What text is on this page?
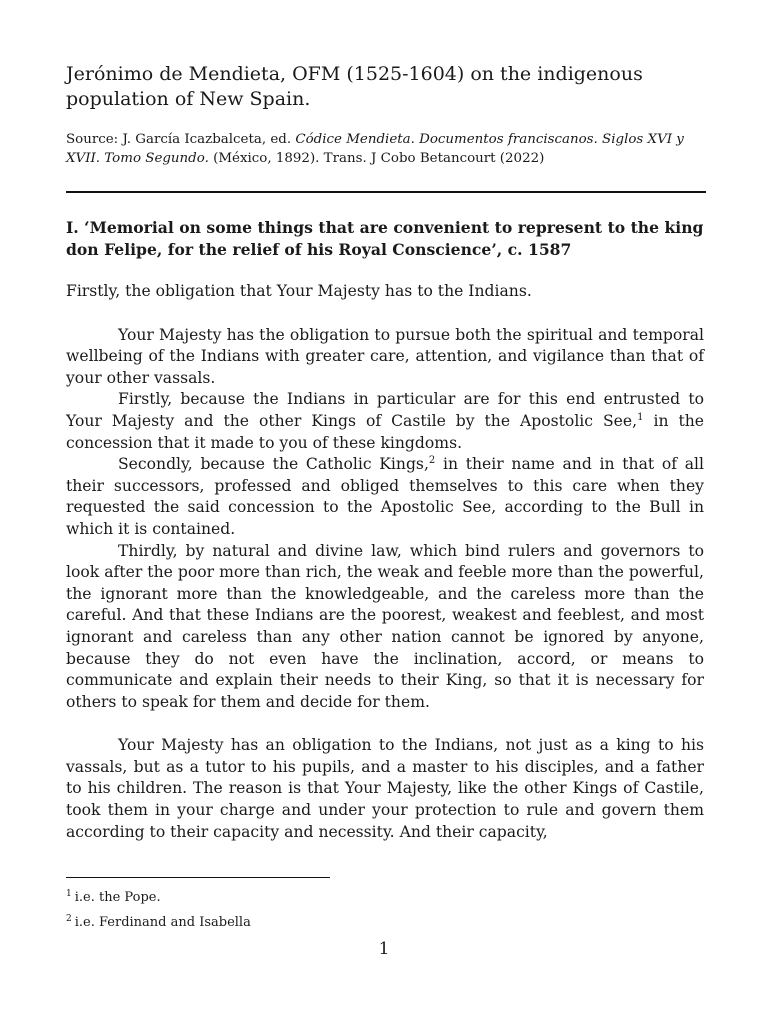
Jerónimo de Mendieta, OFM (1525-1604) on the indigenous population of New Spain.

Source: J. García Icazbalceta, ed. Códice Mendieta. Documentos franciscanos. Siglos XVI y XVII. Tomo Segundo. (México, 1892). Trans. J Cobo Betancourt (2022)

I. ‘Memorial on some things that are convenient to represent to the king don Felipe, for the relief of his Royal Conscience’, c. 1587

Firstly, the obligation that Your Majesty has to the Indians.

Your Majesty has the obligation to pursue both the spiritual and temporal wellbeing of the Indians with greater care, attention, and vigilance than that of your other vassals.

Firstly, because the Indians in particular are for this end entrusted to Your Majesty and the other Kings of Castile by the Apostolic See,$^1$ in the concession that it made to you of these kingdoms.

Secondly, because the Catholic Kings,$^2$ in their name and in that of all their successors, professed and obliged themselves to this care when they requested the said concession to the Apostolic See, according to the Bull in which it is contained.

Thirdly, by natural and divine law, which bind rulers and governors to look after the poor more than rich, the weak and feeble more than the powerful, the ignorant more than the knowledgeable, and the careless more than the careful. And that these Indians are the poorest, weakest and feeblest, and most ignorant and careless than any other nation cannot be ignored by anyone, because they do not even have the inclination, accord, or means to communicate and explain their needs to their King, so that it is necessary for others to speak for them and decide for them.

Your Majesty has an obligation to the Indians, not just as a king to his vassals, but as a tutor to his pupils, and a master to his disciples, and a father to his children. The reason is that Your Majesty, like the other Kings of Castile, took them in your charge and under your protection to rule and govern them according to their capacity and necessity. And their capacity,

$^1$ i.e. the Pope.
$^2$ i.e. Ferdinand and Isabella
1
